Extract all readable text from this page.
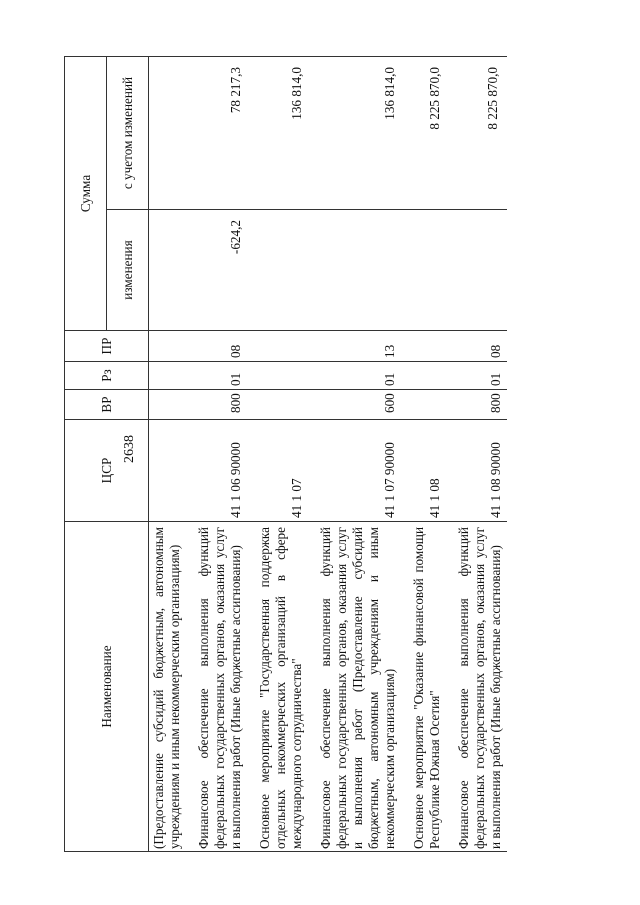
2638
Наименование	ЦСР	ВР	Рз	ПР	Сумма	
					изменения	с учетом изменений
(Предоставление субсидий бюджетным, автономным учреждениям и иным некоммерческим организациям)						
Финансовое обеспечение выполнения функций федеральных государственных органов, оказания услуг и выполнения работ (Иные бюджетные ассигнования)	41 1 06 90000	800	01	08	-624,2	78 217,3
Основное мероприятие "Государственная поддержка отдельных некоммерческих организаций в сфере международного сотрудничества"	41 1 07					136 814,0
Финансовое обеспечение выполнения функций федеральных государственных органов, оказания услуг и выполнения работ (Предоставление субсидий бюджетным, автономным учреждениям и иным некоммерческим организациям)	41 1 07 90000	600	01	13		136 814,0
Основное мероприятие "Оказание финансовой помощи Республике Южная Осетия"	41 1 08					8 225 870,0
Финансовое обеспечение выполнения функций федеральных государственных органов, оказания услуг и выполнения работ (Иные бюджетные ассигнования)	41 1 08 90000	800	01	08		8 225 870,0
